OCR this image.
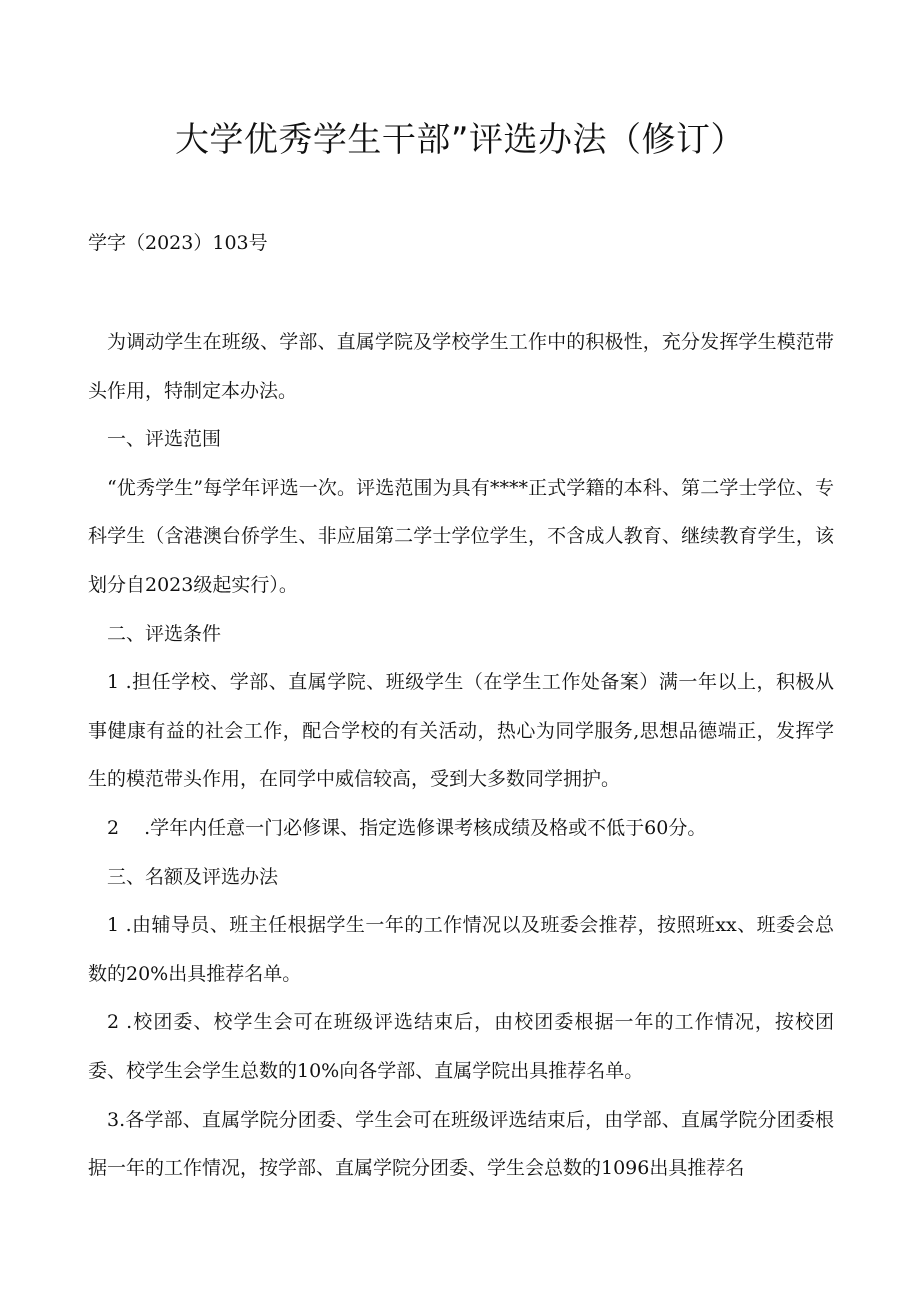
大学优秀学生干部”评选办法（修订）

学字（2023）103号

为调动学生在班级、学部、直属学院及学校学生工作中的积极性，充分发挥学生模范带头作用，特制定本办法。

一、评选范围

“优秀学生”每学年评选一次。评选范围为具有****正式学籍的本科、第二学士学位、专科学生（含港澳台侨学生、非应届第二学士学位学生，不含成人教育、继续教育学生，该划分自2023级起实行）。

二、评选条件

1 .担任学校、学部、直属学院、班级学生（在学生工作处备案）满一年以上，积极从事健康有益的社会工作，配合学校的有关活动，热心为同学服务,思想品德端正，发挥学生的模范带头作用，在同学中威信较高，受到大多数同学拥护。

2 　.学年内任意一门必修课、指定选修课考核成绩及格或不低于60分。

三、名额及评选办法

1 .由辅导员、班主任根据学生一年的工作情况以及班委会推荐，按照班xx、班委会总数的20%出具推荐名单。

2 .校团委、校学生会可在班级评选结束后，由校团委根据一年的工作情况，按校团委、校学生会学生总数的10%向各学部、直属学院出具推荐名单。

3.各学部、直属学院分团委、学生会可在班级评选结束后，由学部、直属学院分团委根据一年的工作情况，按学部、直属学院分团委、学生会总数的1096出具推荐名
